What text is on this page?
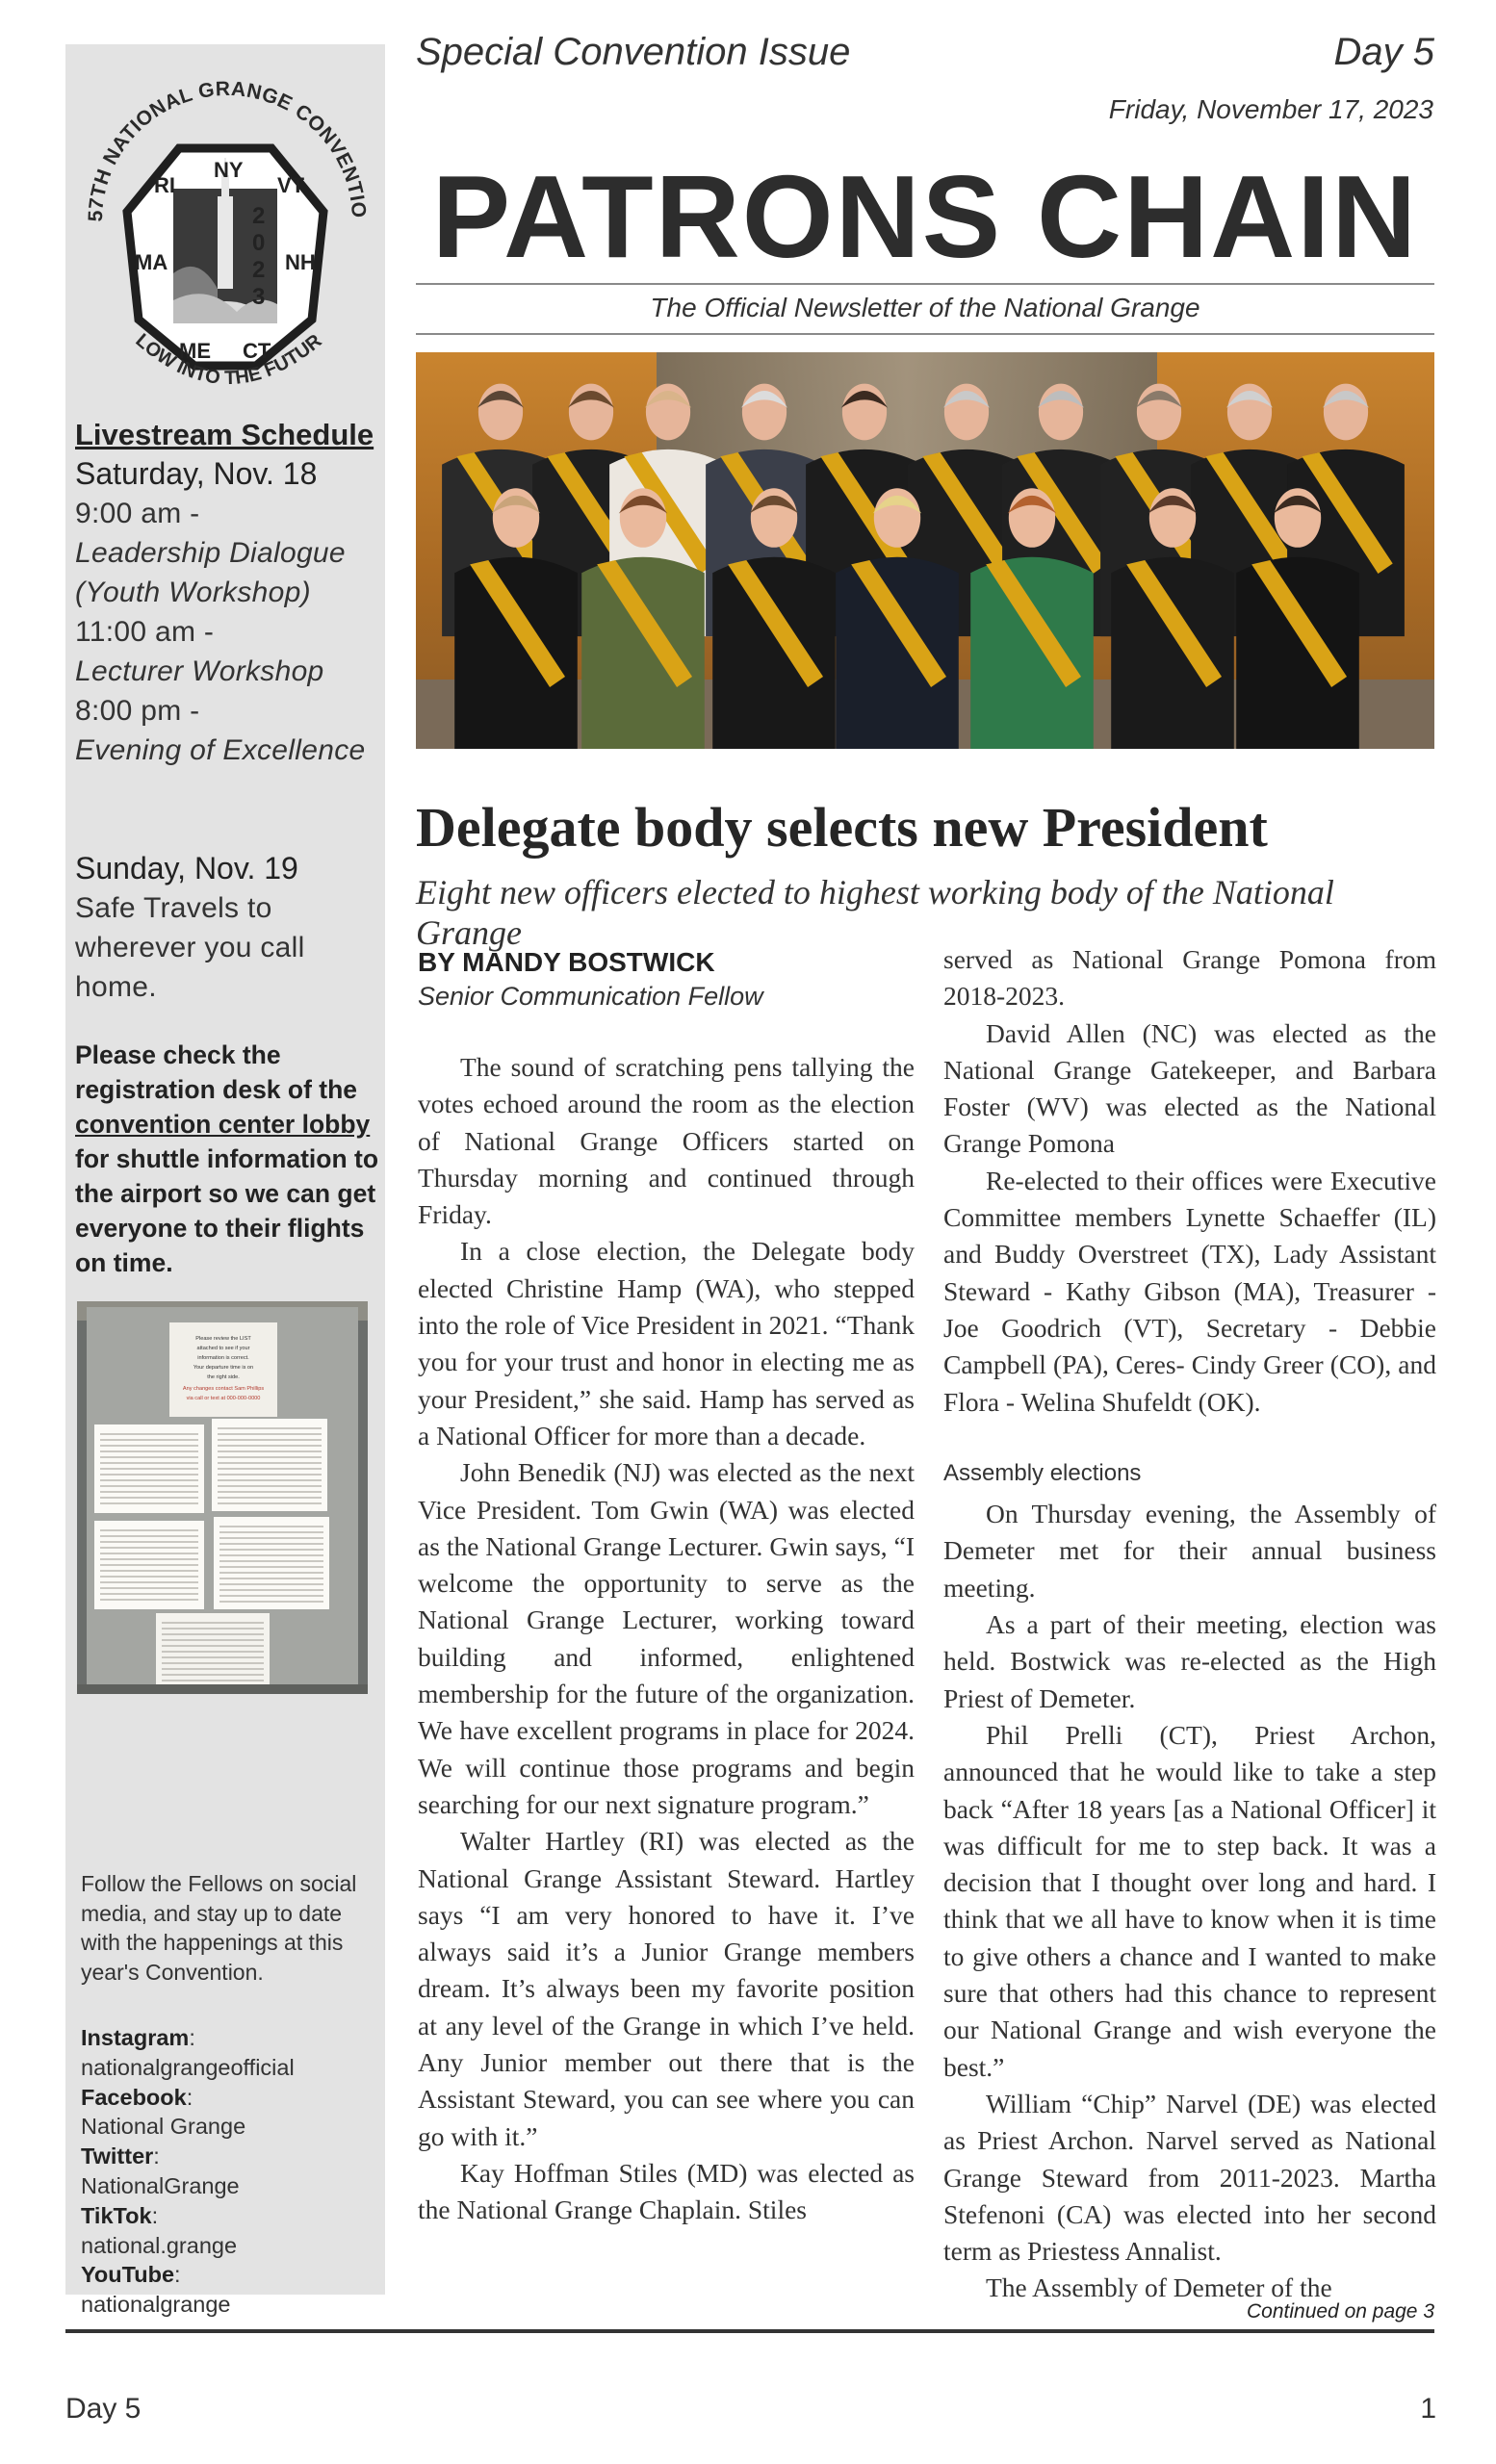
57TH NATIONAL GRANGE CONVENTIO
RI
NY
VT
MA	NH
ME CT
2
0
2
3
LOW INTO THE FUTUR
Livestream Schedule
Saturday, Nov. 18
9:00 am -
Leadership Dialogue
(Youth Workshop)
11:00 am -
Lecturer Workshop
8:00 pm -
Evening of Excellence
Sunday, Nov. 19
Safe Travels to
wherever you call
home.
Please check the registration desk of the convention center lobby for shuttle information to the airport so we can get everyone to their flights on time.
Please review the LIST
attached to see if your
information is correct.
Your departure time is on
the right side.
Any changes contact Sam Phillips
via call or text at 000-000-0000
Follow the Fellows on social media, and stay up to date with the happenings at this year's Convention.
Instagram:
nationalgrangeofficial
Facebook:
National Grange
Twitter:
NationalGrange
TikTok:
national.grange
YouTube:
nationalgrange
Special Convention Issue	Day 5
Friday, November 17, 2023
PATRONS CHAIN
The Official Newsletter of the National Grange
Delegate body selects new President
Eight new officers elected to highest working body of the National Grange
BY MANDY BOSTWICK
Senior Communication Fellow

The sound of scratching pens tallying the votes echoed around the room as the election of National Grange Officers started on Thursday morning and continued through Friday.

In a close election, the Delegate body elected Christine Hamp (WA), who stepped into the role of Vice President in 2021. “Thank you for your trust and honor in electing me as your President,” she said. Hamp has served as a National Officer for more than a decade.

John Benedik (NJ) was elected as the next Vice President. Tom Gwin (WA) was elected as the National Grange Lecturer. Gwin says, “I welcome the opportunity to serve as the National Grange Lecturer, working toward building and informed, enlightened membership for the future of the organization. We have excellent programs in place for 2024. We will continue those programs and begin searching for our next signature program.”

Walter Hartley (RI) was elected as the National Grange Assistant Steward. Hartley says “I am very honored to have it. I’ve always said it’s a Junior Grange members dream. It’s always been my favorite position at any level of the Grange in which I’ve held. Any Junior member out there that is the Assistant Steward, you can see where you can go with it.”

Kay Hoffman Stiles (MD) was elected as the National Grange Chaplain. Stiles

served as National Grange Pomona from 2018-2023.

David Allen (NC) was elected as the National Grange Gatekeeper, and Barbara Foster (WV) was elected as the National Grange Pomona

Re-elected to their offices were Executive Committee members Lynette Schaeffer (IL) and Buddy Overstreet (TX), Lady Assistant Steward - Kathy Gibson (MA), Treasurer - Joe Goodrich (VT), Secretary - Debbie Campbell (PA), Ceres- Cindy Greer (CO), and Flora - Welina Shufeldt (OK).

Assembly elections

On Thursday evening, the Assembly of Demeter met for their annual business meeting.

As a part of their meeting, election was held. Bostwick was re-elected as the High Priest of Demeter.

Phil Prelli (CT), Priest Archon, announced that he would like to take a step back “After 18 years [as a National Officer] it was difficult for me to step back. It was a decision that I thought over long and hard. I think that we all have to know when it is time to give others a chance and I wanted to make sure that others had this chance to represent our National Grange and wish everyone the best.”

William “Chip” Narvel (DE) was elected as Priest Archon. Narvel served as National Grange Steward from 2011-2023. Martha Stefenoni (CA) was elected into her second term as Priestess Annalist.

The Assembly of Demeter of the

Continued on page 3
Day 5	1
